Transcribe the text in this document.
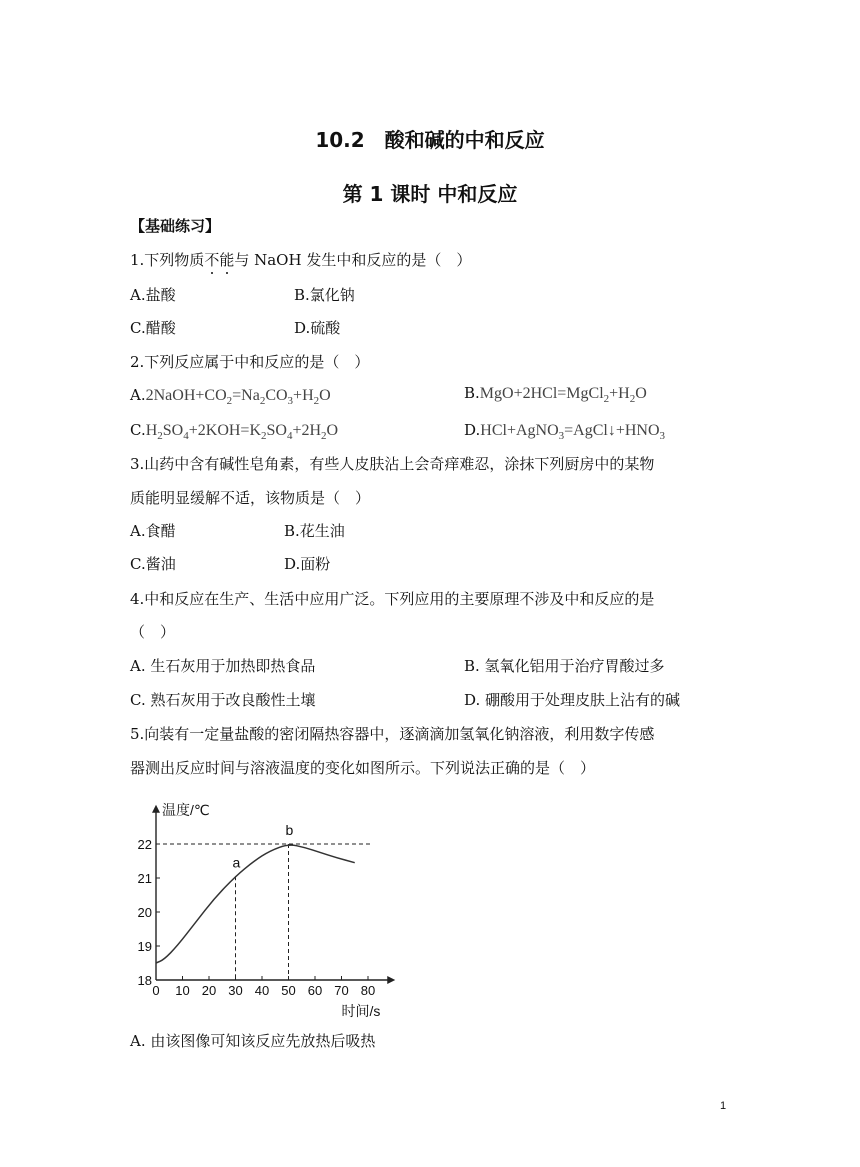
10.2　酸和碱的中和反应
第 1 课时 中和反应
【基础练习】
1.下列物质不能与 NaOH 发生中和反应的是（　）
A.盐酸	B.氯化钠
C.醋酸	D.硫酸
2.下列反应属于中和反应的是（　）
$A.2NaOH+CO_2=Na_2CO_3+H_2O$	$B.MgO+2HCl=MgCl_2+H_2O$
$C.H_2SO_4+2KOH=K_2SO_4+2H_2O$	$D.HCl+AgNO_3=AgCl↓+HNO_3$
3.山药中含有碱性皂角素，有些人皮肤沾上会奇痒难忍，涂抹下列厨房中的某物
质能明显缓解不适，该物质是（　）
A.食醋	B.花生油
C.酱油	D.面粉
4.中和反应在生产、生活中应用广泛。下列应用的主要原理不涉及中和反应的是
（　）
A. 生石灰用于加热即热食品	B. 氢氧化铝用于治疗胃酸过多
C. 熟石灰用于改良酸性土壤	D. 硼酸用于处理皮肤上沾有的碱
5.向装有一定量盐酸的密闭隔热容器中，逐滴滴加氢氧化钠溶液，利用数字传感
器测出反应时间与溶液温度的变化如图所示。下列说法正确的是（　）
0 10 20 30 40 50 60 70 80
18
19
20
21
22
a
b
温度/℃
时间/s
A. 由该图像可知该反应先放热后吸热
1
